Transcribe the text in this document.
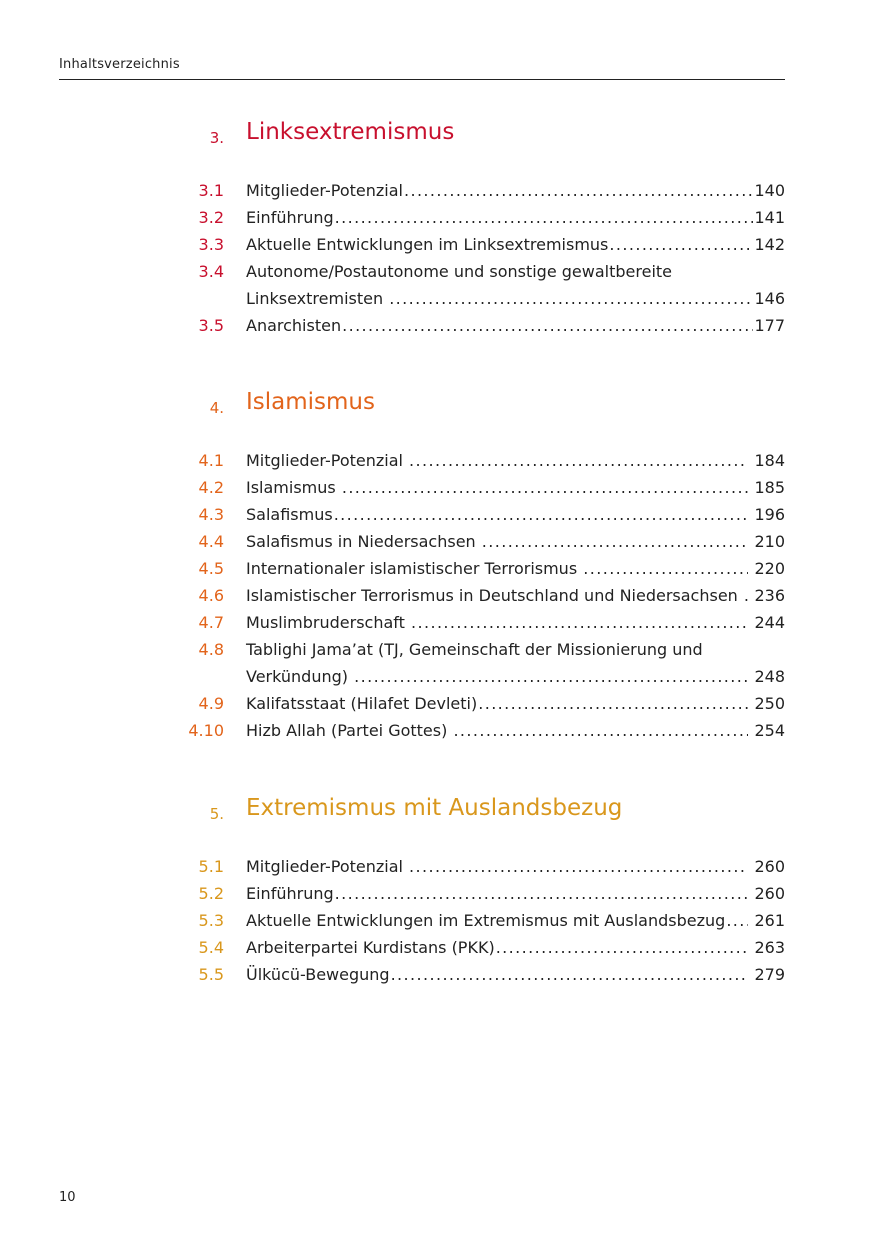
Inhaltsverzeichnis
3. Linksextremismus
3.1 Mitglieder-Potenzial .....	140
3.2 Einführung .....	141
3.3 Aktuelle Entwicklungen im Linksextremismus .....	142
3.4 Autonome/Postautonome und sonstige gewaltbereite
Linksextremisten .....	146
3.5 Anarchisten .....	177
4. Islamismus
4.1 Mitglieder-Potenzial .....	184
4.2 Islamismus .....	185
4.3 Salafismus .....	196
4.4 Salafismus in Niedersachsen .....	210
4.5 Internationaler islamistischer Terrorismus .....	220
4.6 Islamistischer Terrorismus in Deutschland und Niedersachsen ..... 236
4.7 Muslimbruderschaft .....	244
4.8 Tablighi Jama’at (TJ, Gemeinschaft der Missionierung und
Verkündung) .....	248
4.9 Kalifatsstaat (Hilafet Devleti) .....	250
4.10 Hizb Allah (Partei Gottes) .....	254
5. Extremismus mit Auslandsbezug
5.1 Mitglieder-Potenzial .....	260
5.2 Einführung .....	260
5.3 Aktuelle Entwicklungen im Extremismus mit Auslandsbezug ..... 261
5.4 Arbeiterpartei Kurdistans (PKK) .....	263
5.5 Ülkücü-Bewegung .....	279
10
